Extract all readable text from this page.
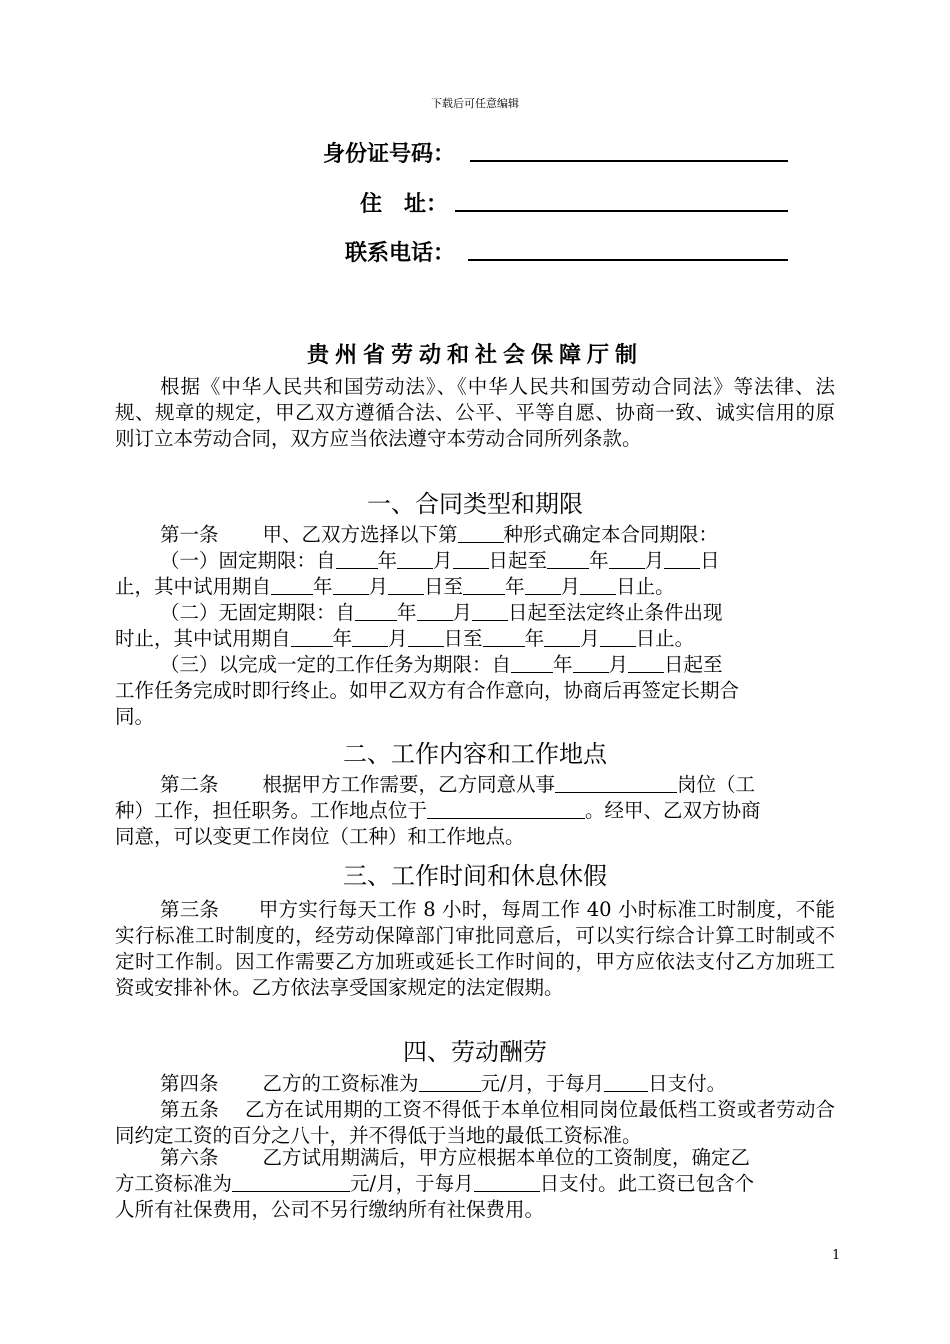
下载后可任意编辑
身份证号码：
住　址：
联系电话：
贵州省劳动和社会保障厅制
根据《中华人民共和国劳动法》、《中华人民共和国劳动合同法》等法律、法规、规章的规定，甲乙双方遵循合法、公平、平等自愿、协商一致、诚实信用的原则订立本劳动合同，双方应当依法遵守本劳动合同所列条款。
一、合同类型和期限
第一条 甲、乙双方选择以下第 种形式确定本合同期限：
（一）固定期限：自 年 月 日起至 年 月 日
止，其中试用期自 年 月 日至 年 月 日止。
（二）无固定期限：自 年 月 日起至法定终止条件出现
时止，其中试用期自 年 月 日至 年 月 日止。
（三）以完成一定的工作任务为期限：自 年 月 日起至
工作任务完成时即行终止。如甲乙双方有合作意向，协商后再签定长期合
同。
二、工作内容和工作地点
第二条 根据甲方工作需要，乙方同意从事	岗位（工
种）工作，担任职务。工作地点位于	。经甲、乙双方协商
同意，可以变更工作岗位（工种）和工作地点。
三、工作时间和休息休假
第三条　　甲方实行每天工作 8 小时，每周工作 40 小时标准工时制度，不能实行标准工时制度的，经劳动保障部门审批同意后，可以实行综合计算工时制或不定时工作制。因工作需要乙方加班或延长工作时间的，甲方应依法支付乙方加班工资或安排补休。乙方依法享受国家规定的法定假期。
四、劳动酬劳
第四条 乙方的工资标准为	元/月，于每月 日支付。
第五条　 乙方在试用期的工资不得低于本单位相同岗位最低档工资或者劳动合同约定工资的百分之八十，并不得低于当地的最低工资标准。
第六条 乙方试用期满后，甲方应根据本单位的工资制度，确定乙
方工资标准为	元/月，于每月	日支付。此工资已包含个
人所有社保费用，公司不另行缴纳所有社保费用。
1
